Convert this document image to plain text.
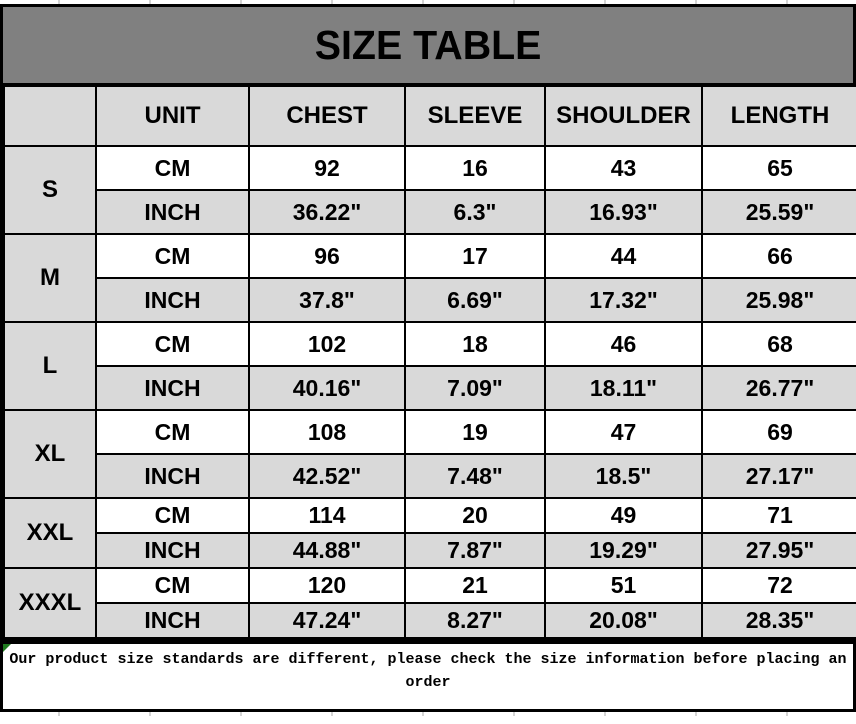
SIZE TABLE
	UNIT	CHEST	SLEEVE	SHOULDER	LENGTH
S	CM	92	16	43	65
	INCH	36.22"	6.3"	16.93"	25.59"
M	CM	96	17	44	66
	INCH	37.8"	6.69"	17.32"	25.98"
L	CM	102	18	46	68
	INCH	40.16"	7.09"	18.11"	26.77"
XL	CM	108	19	47	69
	INCH	42.52"	7.48"	18.5"	27.17"
XXL	CM	114	20	49	71
	INCH	44.88"	7.87"	19.29"	27.95"
XXXL	CM	120	21	51	72
	INCH	47.24"	8.27"	20.08"	28.35"
Our product size standards are different, please check the size information before placing an order
